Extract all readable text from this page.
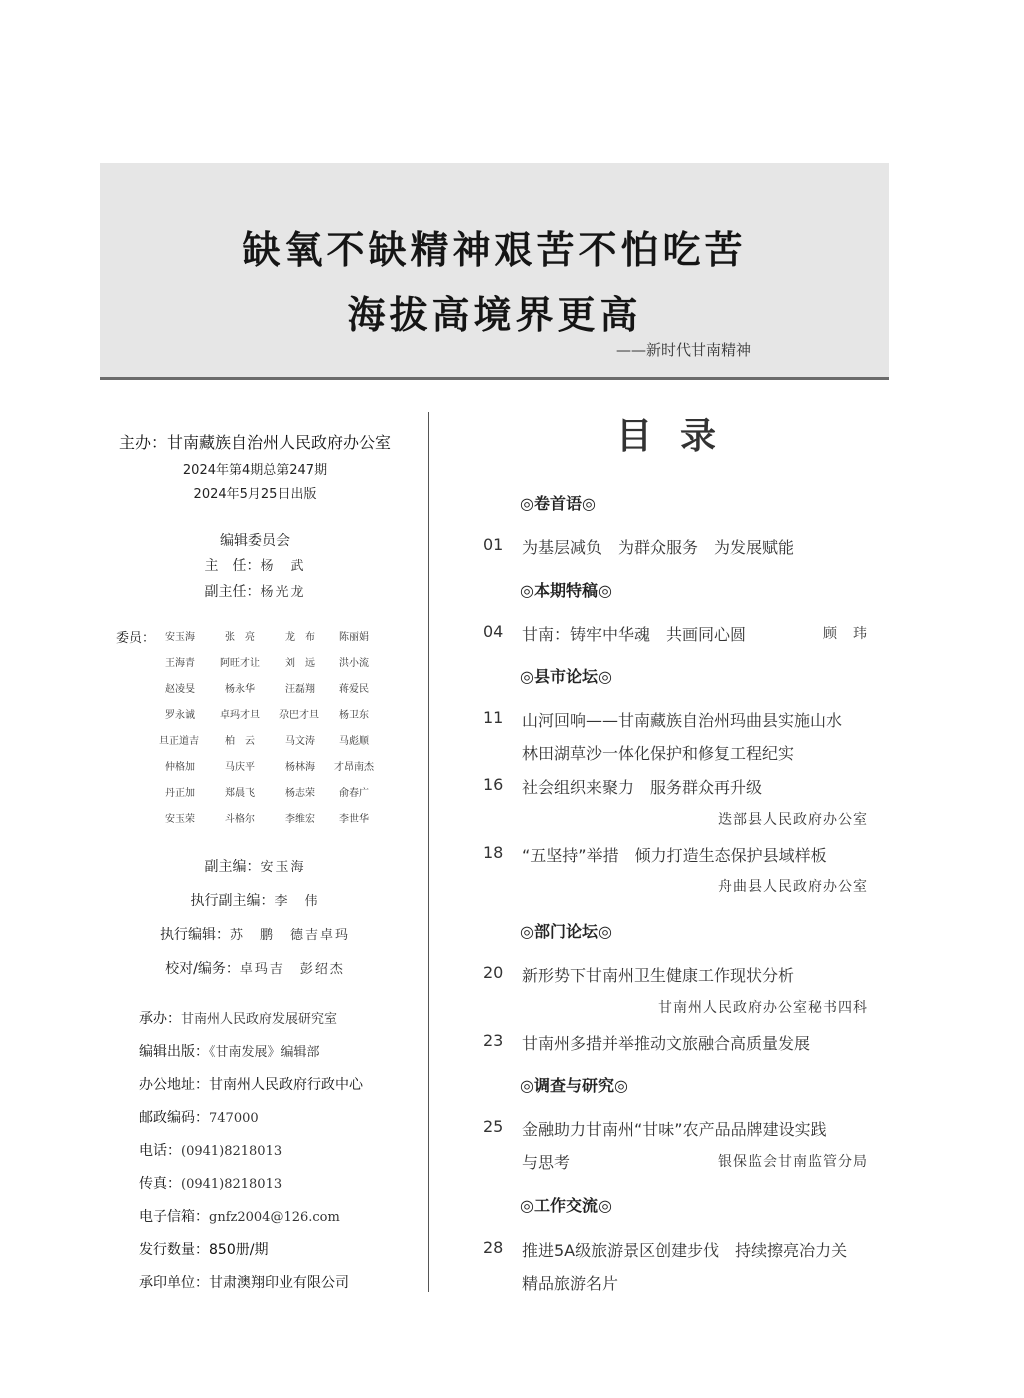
缺氧不缺精神艰苦不怕吃苦
海拔高境界更高
——新时代甘南精神
主办：甘南藏族自治州人民政府办公室
2024年第4期总第247期
2024年5月25日出版
编辑委员会
主　任：杨　武
副主任：杨光龙
委员： 安玉海	张　亮	龙　布 陈丽娟
王海青	阿旺才让	刘　远 洪小流
赵凌旻	杨永华	汪磊翔 蒋爱民
罗永诚	卓玛才旦 尕巴才旦 杨卫东
旦正道吉	柏　云	马文涛 马彪顺
仲格加	马庆平	杨林海 才昂南杰
丹正加	郑晨飞	杨志荣 俞春广
安玉荣	斗格尔	李维宏 李世华
副主编：安玉海
执行副主编：李　伟
执行编辑：苏　鹏　德吉卓玛
校对/编务：卓玛吉　彭绍杰
承办：甘南州人民政府发展研究室
编辑出版：《甘南发展》编辑部
办公地址：甘南州人民政府行政中心
邮政编码：747000
电话：(0941)8218013
传真：(0941)8218013
电子信箱：gnfz2004@126.com
发行数量：850册/期
承印单位：甘肃澳翔印业有限公司
目录
◎卷首语◎
01 为基层减负　为群众服务　为发展赋能
◎本期特稿◎
04 甘南：铸牢中华魂　共画同心圆	顾　玮
◎县市论坛◎
11 山河回响——甘南藏族自治州玛曲县实施山水
林田湖草沙一体化保护和修复工程纪实
16 社会组织来聚力　服务群众再升级
迭部县人民政府办公室
18 “五坚持”举措　倾力打造生态保护县域样板
舟曲县人民政府办公室
◎部门论坛◎
20 新形势下甘南州卫生健康工作现状分析
甘南州人民政府办公室秘书四科
23 甘南州多措并举推动文旅融合高质量发展
◎调查与研究◎
25 金融助力甘南州“甘味”农产品品牌建设实践
与思考	银保监会甘南监管分局
◎工作交流◎
28 推进5A级旅游景区创建步伐　持续擦亮冶力关
精品旅游名片
